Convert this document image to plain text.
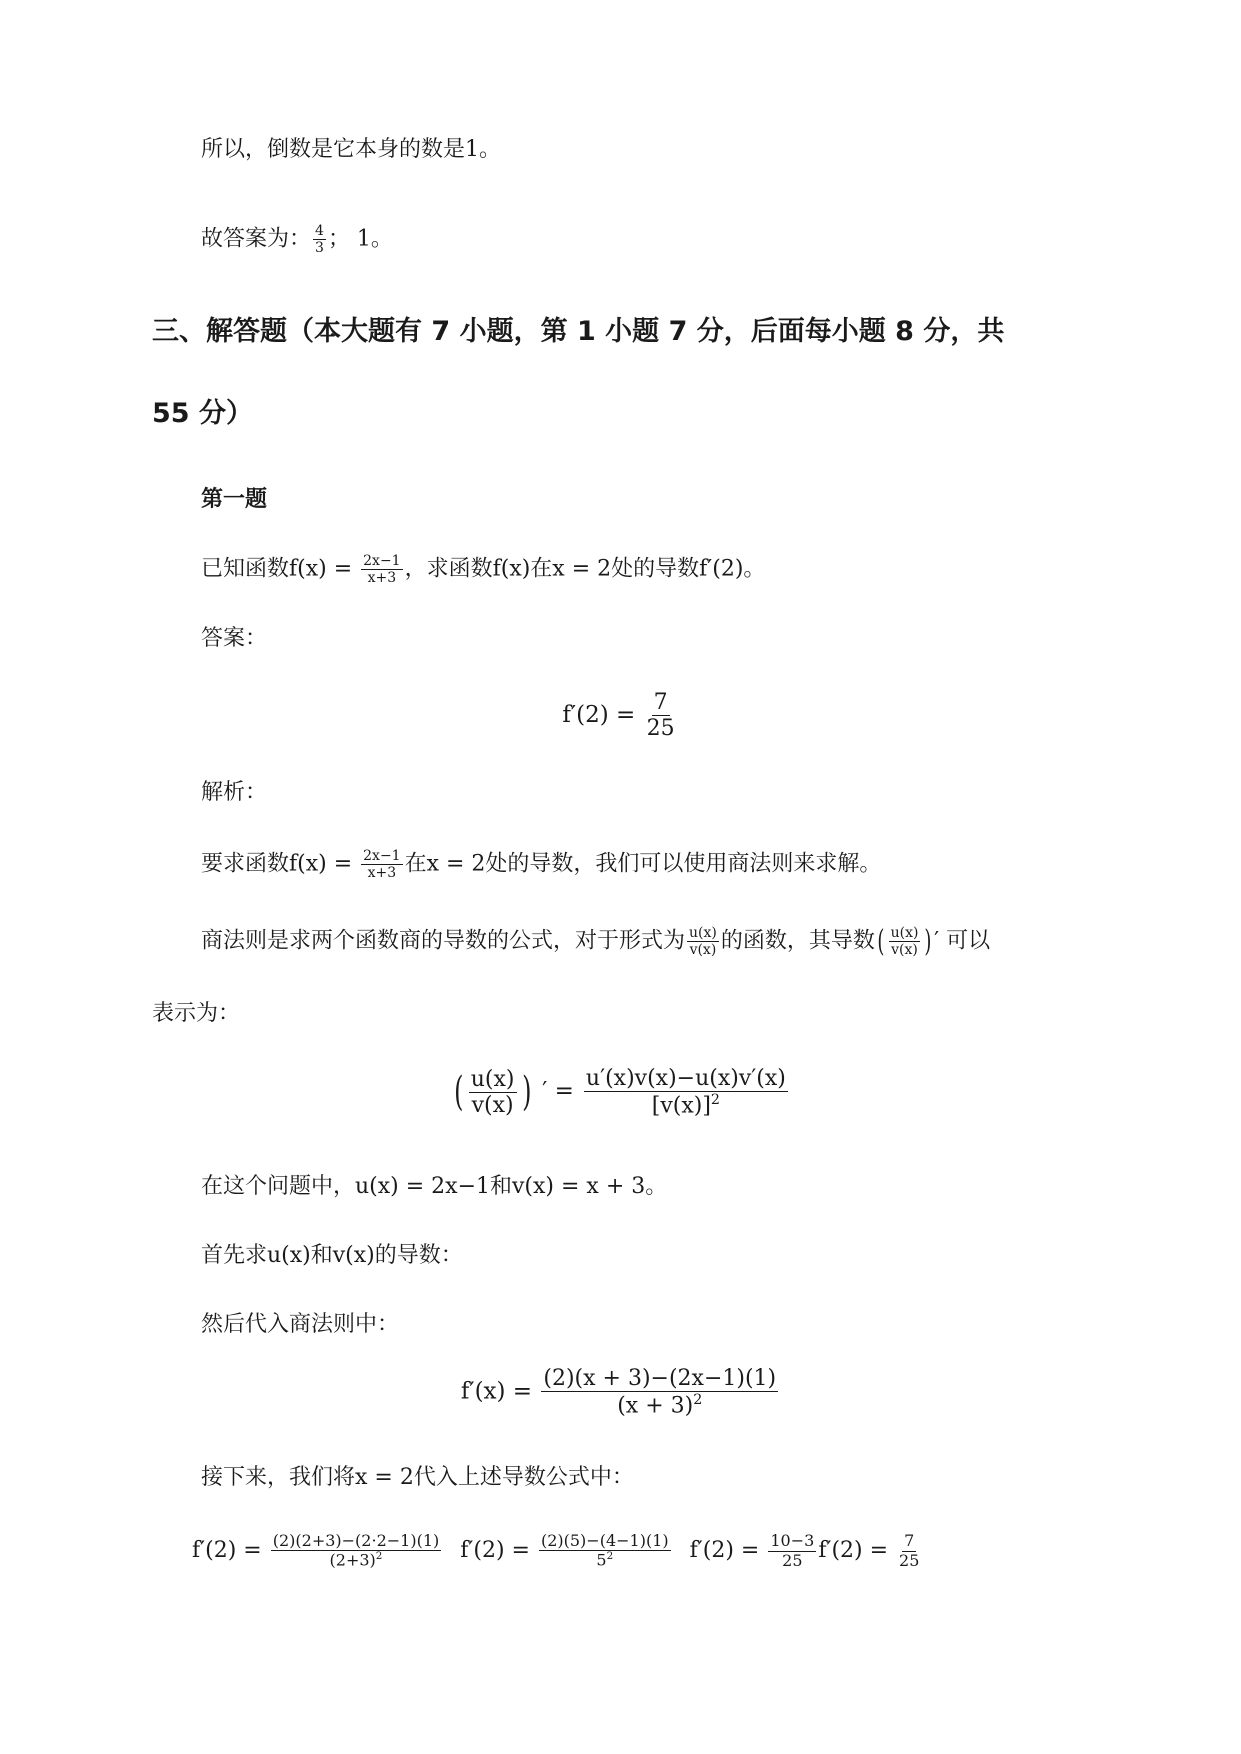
所以，倒数是它本身的数是1。
故答案为： $\frac{4}{3}$ ； 1。
三、解答题（本大题有 7 小题，第 1 小题 7 分，后面每小题 8 分，共
55 分）
第一题
已知函数$f(x) = \frac{2x-1}{x+3}$ ，求函数f(x)在x = 2处的导数f′(2)。
答案：
$f'(2) = \frac{7}{25}$
解析：
要求函数$f(x) = \frac{2x-1}{x+3}$ 在x = 2处的导数，我们可以使用商法则来求解。
商法则是求两个函数商的导数的公式，对于形式为 $\frac{u(x)}{v(x)}$ 的函数，其导数( $\frac{u(x)}{v(x)}$ ) ′ 可以
表示为：
( $\frac{u(x)}{v(x)}$ ) ′ = $\frac{u'(x)v(x)-u(x)v'(x)}{[v(x)]^2}$
在这个问题中，u(x) = 2x−1和v(x) = x + 3。
首先求u(x)和v(x)的导数：
然后代入商法则中：
$f'(x) = \frac{(2)(x + 3)-(2x-1)(1)}{(x + 3)^2}$
接下来，我们将x = 2代入上述导数公式中：
$f'(2) = \frac{(2)(2+3)-(2\cdot 2-1)(1)}{(2+3)^2} f'(2) = \frac{(2)(5)-(4-1)(1)}{5^2} f'(2) = \frac{10-3}{25} f'(2) = \frac{7}{25}$
